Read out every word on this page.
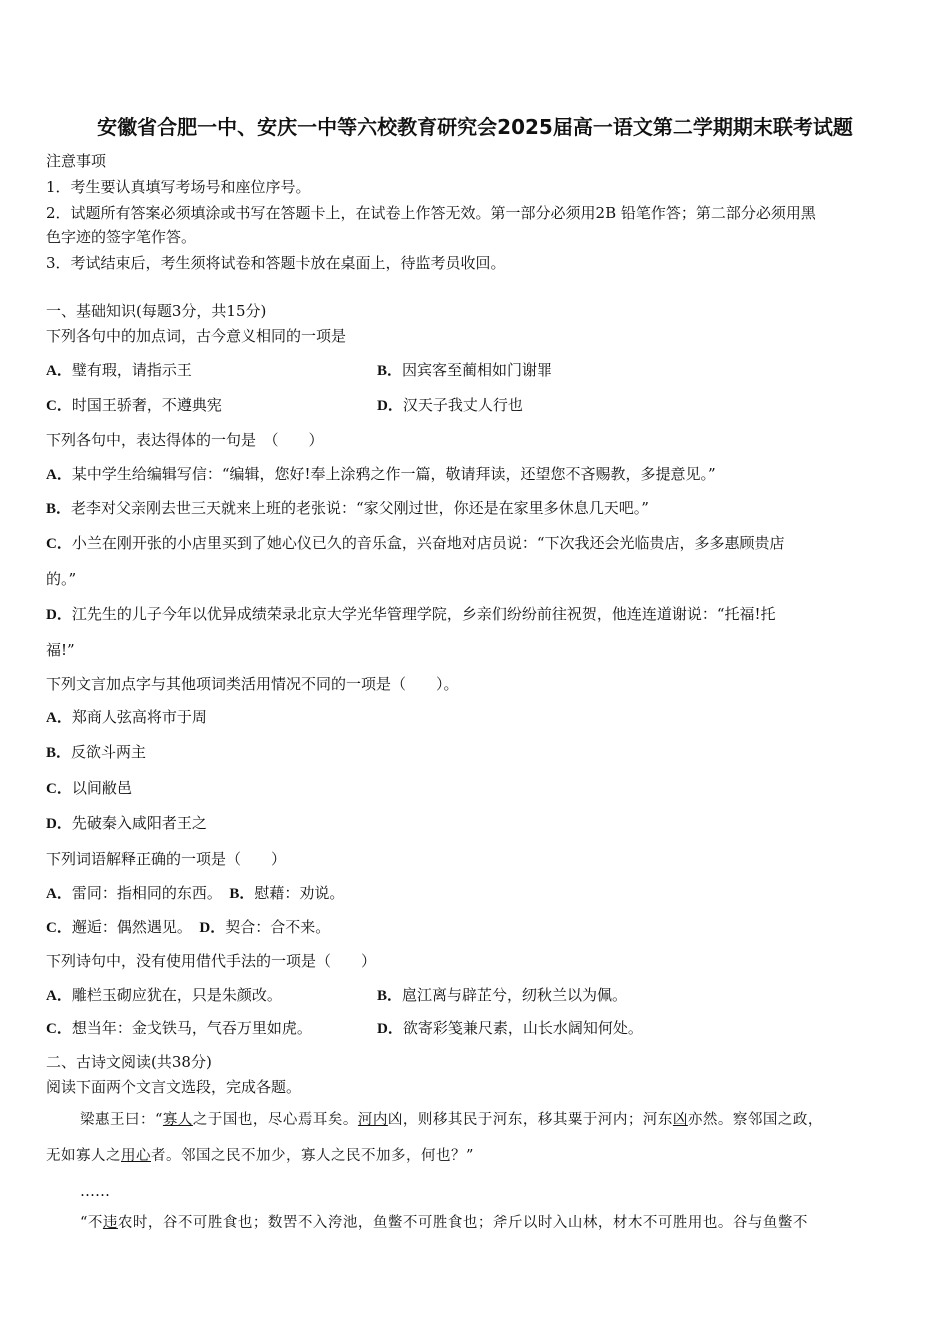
安徽省合肥一中、安庆一中等六校教育研究会2025届高一语文第二学期期末联考试题
注意事项
1．考生要认真填写考场号和座位序号。
2．试题所有答案必须填涂或书写在答题卡上，在试卷上作答无效。第一部分必须用2B 铅笔作答；第二部分必须用黑
色字迹的签字笔作答。
3．考试结束后，考生须将试卷和答题卡放在桌面上，待监考员收回。
一、基础知识(每题3分，共15分)
下列各句中的加点词，古今意义相同的一项是
A．璧有瑕，请指示王	B．因宾客至蔺相如门谢罪
C．时国王骄奢，不遵典宪	D．汉天子我丈人行也
下列各句中，表达得体的一句是　（　　）
A．某中学生给编辑写信：“编辑，您好!奉上涂鸦之作一篇，敬请拜读，还望您不吝赐教，多提意见。”
B．老李对父亲刚去世三天就来上班的老张说：“家父刚过世，你还是在家里多休息几天吧。”
C．小兰在刚开张的小店里买到了她心仪已久的音乐盒，兴奋地对店员说：“下次我还会光临贵店，多多惠顾贵店
的。”
D．江先生的儿子今年以优异成绩荣录北京大学光华管理学院，乡亲们纷纷前往祝贺，他连连道谢说：“托福!托
福!”
下列文言加点字与其他项词类活用情况不同的一项是（　　）。
A．郑商人弦高将市于周
B．反欲斗两主
C．以间敝邑
D．先破秦入咸阳者王之
下列词语解释正确的一项是（　　）
A．雷同：指相同的东西。　 B．慰藉：劝说。
C．邂逅：偶然遇见。　 D．契合：合不来。
下列诗句中，没有使用借代手法的一项是（　　）
A．雕栏玉砌应犹在，只是朱颜改。	B．扈江离与辟芷兮，纫秋兰以为佩。
C．想当年：金戈铁马，气吞万里如虎。	D．欲寄彩笺兼尺素，山长水阔知何处。
二、古诗文阅读(共38分)
阅读下面两个文言文选段，完成各题。
梁惠王曰：“寡人之于国也，尽心焉耳矣。河内凶，则移其民于河东，移其粟于河内；河东凶亦然。察邻国之政，
无如寡人之用心者。邻国之民不加少，寡人之民不加多，何也？”
……
“不违农时，谷不可胜食也；数罟不入洿池，鱼鳖不可胜食也；斧斤以时入山林，材木不可胜用也。谷与鱼鳖不
